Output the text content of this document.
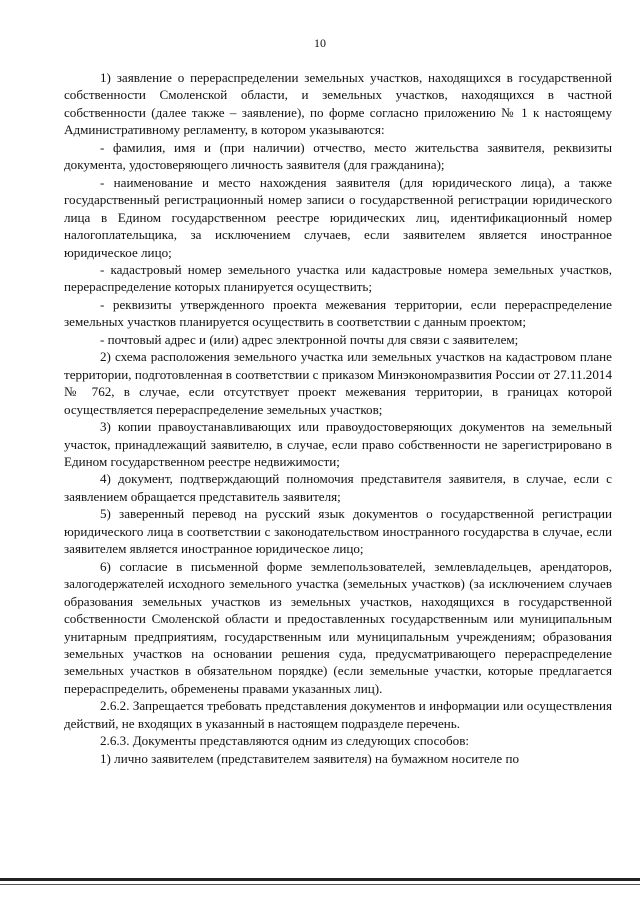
10

1) заявление о перераспределении земельных участков, находящихся в государственной собственности Смоленской области, и земельных участков, находящихся в частной собственности (далее также – заявление), по форме согласно приложению № 1 к настоящему Административному регламенту, в котором указываются:

- фамилия, имя и (при наличии) отчество, место жительства заявителя, реквизиты документа, удостоверяющего личность заявителя (для гражданина);

- наименование и место нахождения заявителя (для юридического лица), а также государственный регистрационный номер записи о государственной регистрации юридического лица в Едином государственном реестре юридических лиц, идентификационный номер налогоплательщика, за исключением случаев, если заявителем является иностранное юридическое лицо;

- кадастровый номер земельного участка или кадастровые номера земельных участков, перераспределение которых планируется осуществить;

- реквизиты утвержденного проекта межевания территории, если перераспределение земельных участков планируется осуществить в соответствии с данным проектом;

- почтовый адрес и (или) адрес электронной почты для связи с заявителем;

2) схема расположения земельного участка или земельных участков на кадастровом плане территории, подготовленная в соответствии с приказом Минэкономразвития России от 27.11.2014 № 762, в случае, если отсутствует проект межевания территории, в границах которой осуществляется перераспределение земельных участков;

3) копии правоустанавливающих или правоудостоверяющих документов на земельный участок, принадлежащий заявителю, в случае, если право собственности не зарегистрировано в Едином государственном реестре недвижимости;

4) документ, подтверждающий полномочия представителя заявителя, в случае, если с заявлением обращается представитель заявителя;

5) заверенный перевод на русский язык документов о государственной регистрации юридического лица в соответствии с законодательством иностранного государства в случае, если заявителем является иностранное юридическое лицо;

6) согласие в письменной форме землепользователей, землевладельцев, арендаторов, залогодержателей исходного земельного участка (земельных участков) (за исключением случаев образования земельных участков из земельных участков, находящихся в государственной собственности Смоленской области и предоставленных государственным или муниципальным унитарным предприятиям, государственным или муниципальным учреждениям; образования земельных участков на основании решения суда, предусматривающего перераспределение земельных участков в обязательном порядке) (если земельные участки, которые предлагается перераспределить, обременены правами указанных лиц).

2.6.2. Запрещается требовать представления документов и информации или осуществления действий, не входящих в указанный в настоящем подразделе перечень.

2.6.3. Документы представляются одним из следующих способов:

1) лично заявителем (представителем заявителя) на бумажном носителе по
